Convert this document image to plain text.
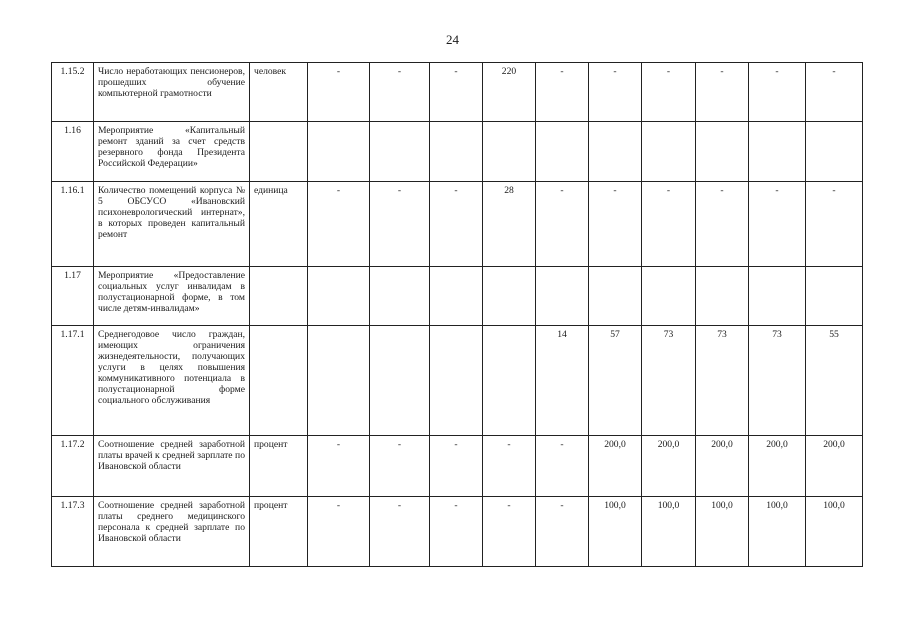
24
1.15.2	Число неработающих пенсионеров, прошедших обучение компьютерной грамотности	человек	-	-	-	220	-	-	-	-	-	-
1.16	Мероприятие «Капитальный ремонт зданий за счет средств резервного фонда Президента Российской Федерации»											
1.16.1	Количество помещений корпуса № 5 ОБСУСО «Ивановский психоневрологический интернат», в которых проведен капитальный ремонт	единица	-	-	-	28	-	-	-	-	-	-
1.17	Мероприятие «Предоставление социальных услуг инвалидам в полустационарной форме, в том числе детям-инвалидам»											
1.17.1	Среднегодовое число граждан, имеющих ограничения жизнедеятельности, получающих услуги в целях повышения коммуникативного потенциала в полустационарной форме социального обслуживания						14	57	73	73	73	55
1.17.2	Соотношение средней заработной платы врачей к средней зарплате по Ивановской области	процент	-	-	-	-	-	200,0	200,0	200,0	200,0	200,0
1.17.3	Соотношение средней заработной платы среднего медицинского персонала к средней зарплате по Ивановской области	процент	-	-	-	-	-	100,0	100,0	100,0	100,0	100,0
